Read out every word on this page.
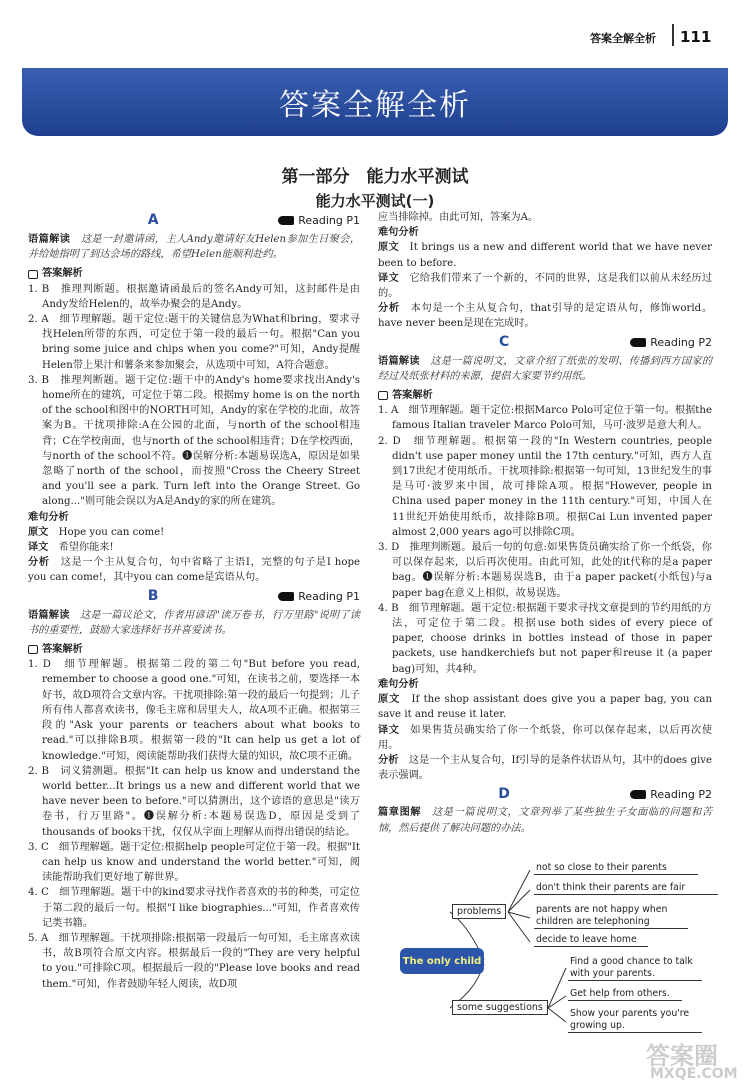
答案全解全析 111
答案全解全析
第一部分　能力水平测试
能力水平测试(一)
A	Reading P1

语篇解读　 这是一封邀请函，主人Andy邀请好友Helen参加生日聚会，并给她指明了到达会场的路线，希望Helen能顺利赴约。

答案解析

1. B　推理判断题。根据邀请函最后的签名Andy可知，这封邮件是由Andy发给Helen的，故举办聚会的是Andy。

2. A　细节理解题。题干定位:题干的关键信息为What和bring，要求寻找Helen所带的东西，可定位于第一段的最后一句。根据"Can you bring some juice and chips when you come?"可知，Andy提醒Helen带上果汁和薯条来参加聚会，从选项中可知，A符合题意。

3. B　推理判断题。题干定位:题干中的Andy's home要求找出Andy's home所在的建筑，可定位于第二段。根据my home is on the north of the school和图中的NORTH可知，Andy的家在学校的北面，故答案为B。干扰项排除:A在公园的北面，与north of the school相违背；C在学校南面，也与north of the school相违背；D在学校西面，与north of the school不符。❶误解分析:本题易误选A，原因是如果忽略了north of the school，而按照"Cross the Cheery Street and you'll see a park. Turn left into the Orange Street. Go along..."则可能会误以为A是Andy的家的所在建筑。

难句分析

原文　 Hope you can come!

译文　 希望你能来!

分析　 这是一个主从复合句，句中省略了主语I，完整的句子是I hope you can come!，其中you can come是宾语从句。

B	Reading P1

语篇解读　 这是一篇议论文，作者用谚语"读万卷书，行万里路"说明了读书的重要性，鼓励大家选择好书并喜爱读书。

答案解析

1. D　细节理解题。根据第二段的第二句"But before you read, remember to choose a good one."可知，在读书之前，要选择一本好书，故D项符合文章内容。干扰项排除:第一段的最后一句提到；儿子所有伟人都喜欢读书，像毛主席和居里夫人，故A项不正确。根据第三段的"Ask your parents or teachers about what books to read."可以排除B项。根据第一段的"It can help us get a lot of knowledge."可知，阅读能帮助我们获得大量的知识，故C项不正确。

2. B　词义猜测题。根据"It can help us know and understand the world better...It brings us a new and different world that we have never been to before."可以猜测出，这个谚语的意思是"读万卷书，行万里路"。❶误解分析:本题易误选D，原因是受到了thousands of books干扰，仅仅从字面上理解从而得出错误的结论。

3. C　细节理解题。题干定位:根据help people可定位于第一段。根据"It can help us know and understand the world better."可知，阅读能帮助我们更好地了解世界。

4. C　细节理解题。题干中的kind要求寻找作者喜欢的书的种类，可定位于第二段的最后一句。根据"I like biographies..."可知，作者喜欢传记类书籍。

5. A　细节理解题。干扰项排除:根据第一段最后一句可知，毛主席喜欢读书，故B项符合原文内容。根据最后一段的"They are very helpful to you."可排除C项。根据最后一段的"Please love books and read them."可知，作者鼓励年轻人阅读，故D项

应当排除掉。由此可知，答案为A。

难句分析

原文　 It brings us a new and different world that we have never been to before.

译文　 它给我们带来了一个新的，不同的世界，这是我们以前从未经历过的。

分析　 本句是一个主从复合句，that引导的是定语从句，修饰world。have never been是现在完成时。

C	Reading P2

语篇解读　 这是一篇说明文，文章介绍了纸张的发明、传播到西方国家的经过及纸张材料的来源，提倡大家要节约用纸。

答案解析

1. A　细节理解题。题干定位:根据Marco Polo可定位于第一句。根据the famous Italian traveler Marco Polo可知，马可·波罗是意大利人。

2. D　细节理解题。根据第一段的"In Western countries, people didn't use paper money until the 17th century."可知，西方人直到17世纪才使用纸币。干扰项排除:根据第一句可知，13世纪发生的事是马可·波罗来中国，故可排除A项。根据"However, people in China used paper money in the 11th century."可知，中国人在11世纪开始使用纸币，故排除B项。根据Cai Lun invented paper almost 2,000 years ago可以排除C项。

3. D　推理判断题。最后一句的句意:如果售货员确实给了你一个纸袋，你可以保存起来，以后再次使用。由此可知，此处的it代称的是a paper bag。❶误解分析:本题易误选B，由于a paper packet(小纸包)与a paper bag在意义上相似，故易误选。

4. B　细节理解题。题干定位:根据题干要求寻找文章提到的节约用纸的方法，可定位于第二段。根据use both sides of every piece of paper, choose drinks in bottles instead of those in paper packets, use handkerchiefs but not paper和reuse it (a paper bag)可知，共4种。

难句分析

原文　 If the shop assistant does give you a paper bag, you can save it and reuse it later.

译文　 如果售货员确实给了你一个纸袋，你可以保存起来，以后再次使用。

分析　 这是一个主从复合句，If引导的是条件状语从句，其中的does give表示强调。

D	Reading P2

篇章图解　 这是一篇说明文，文章列举了某些独生子女面临的问题和苦恼，然后提供了解决问题的办法。

problems
some suggestions
The only child
not so close to their parents
don't think their parents are fair
parents are not happy when children are telephoning
decide to leave home
Find a good chance to talk with your parents.
Get help from others.
Show your parents you're growing up.
答案圈
MXQE.COM
